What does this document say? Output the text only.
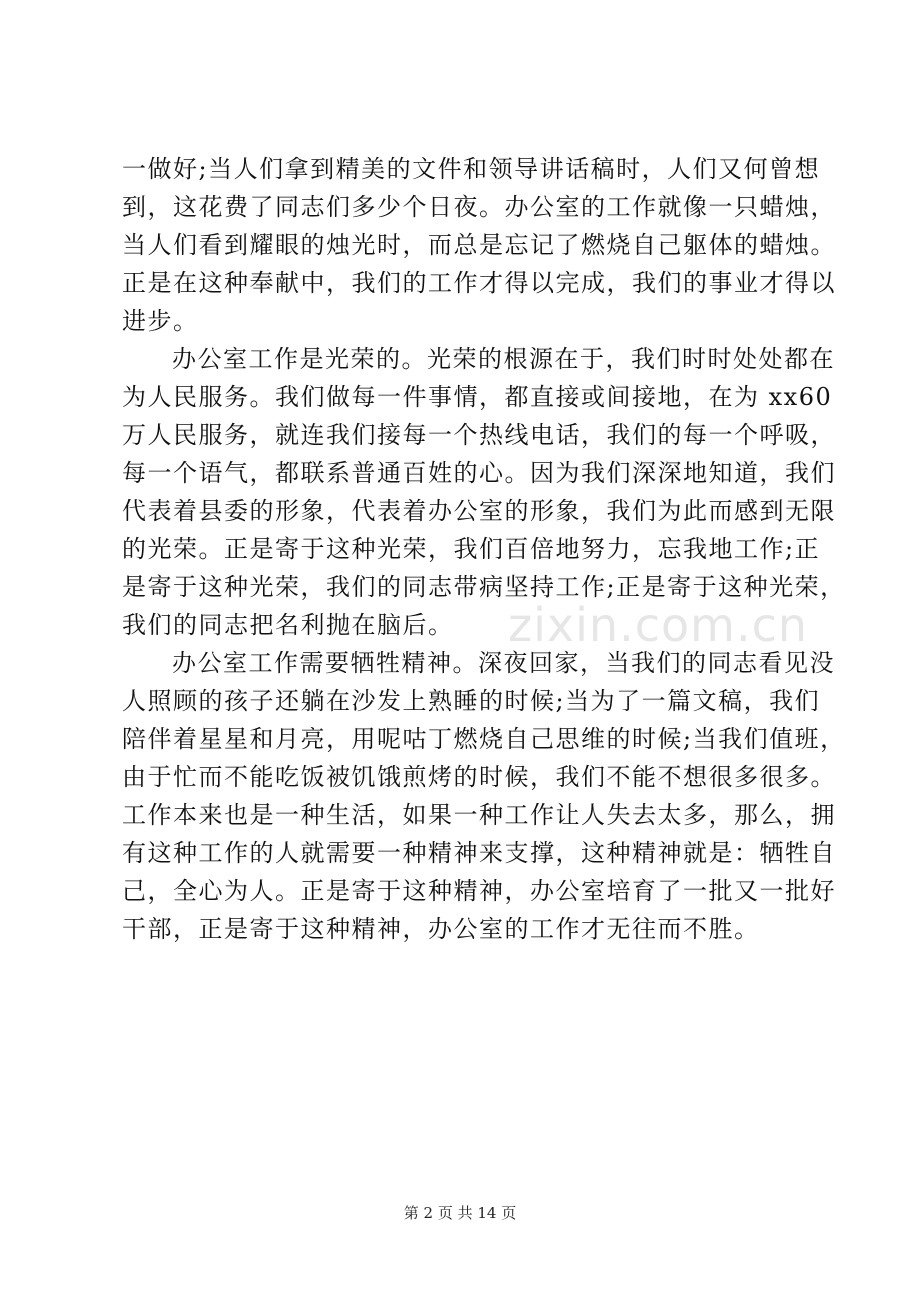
一做好;当人们拿到精美的文件和领导讲话稿时，人们又何曾想
到，这花费了同志们多少个日夜。办公室的工作就像一只蜡烛，
当人们看到耀眼的烛光时，而总是忘记了燃烧自己躯体的蜡烛。
正是在这种奉献中，我们的工作才得以完成，我们的事业才得以
进步。
办公室工作是光荣的。光荣的根源在于，我们时时处处都在
为人民服务。我们做每一件事情，都直接或间接地，在为 xx60
万人民服务，就连我们接每一个热线电话，我们的每一个呼吸，
每一个语气，都联系普通百姓的心。因为我们深深地知道，我们
代表着县委的形象，代表着办公室的形象，我们为此而感到无限
的光荣。正是寄于这种光荣，我们百倍地努力，忘我地工作;正
是寄于这种光荣，我们的同志带病坚持工作;正是寄于这种光荣，
我们的同志把名利抛在脑后。
办公室工作需要牺牲精神。深夜回家，当我们的同志看见没
人照顾的孩子还躺在沙发上熟睡的时候;当为了一篇文稿，我们
陪伴着星星和月亮，用呢咕丁燃烧自己思维的时候;当我们值班，
由于忙而不能吃饭被饥饿煎烤的时候，我们不能不想很多很多。
工作本来也是一种生活，如果一种工作让人失去太多，那么，拥
有这种工作的人就需要一种精神来支撑，这种精神就是：牺牲自
己，全心为人。正是寄于这种精神，办公室培育了一批又一批好
干部，正是寄于这种精神，办公室的工作才无往而不胜。
zixin.com.cn
第 2 页 共 14 页
